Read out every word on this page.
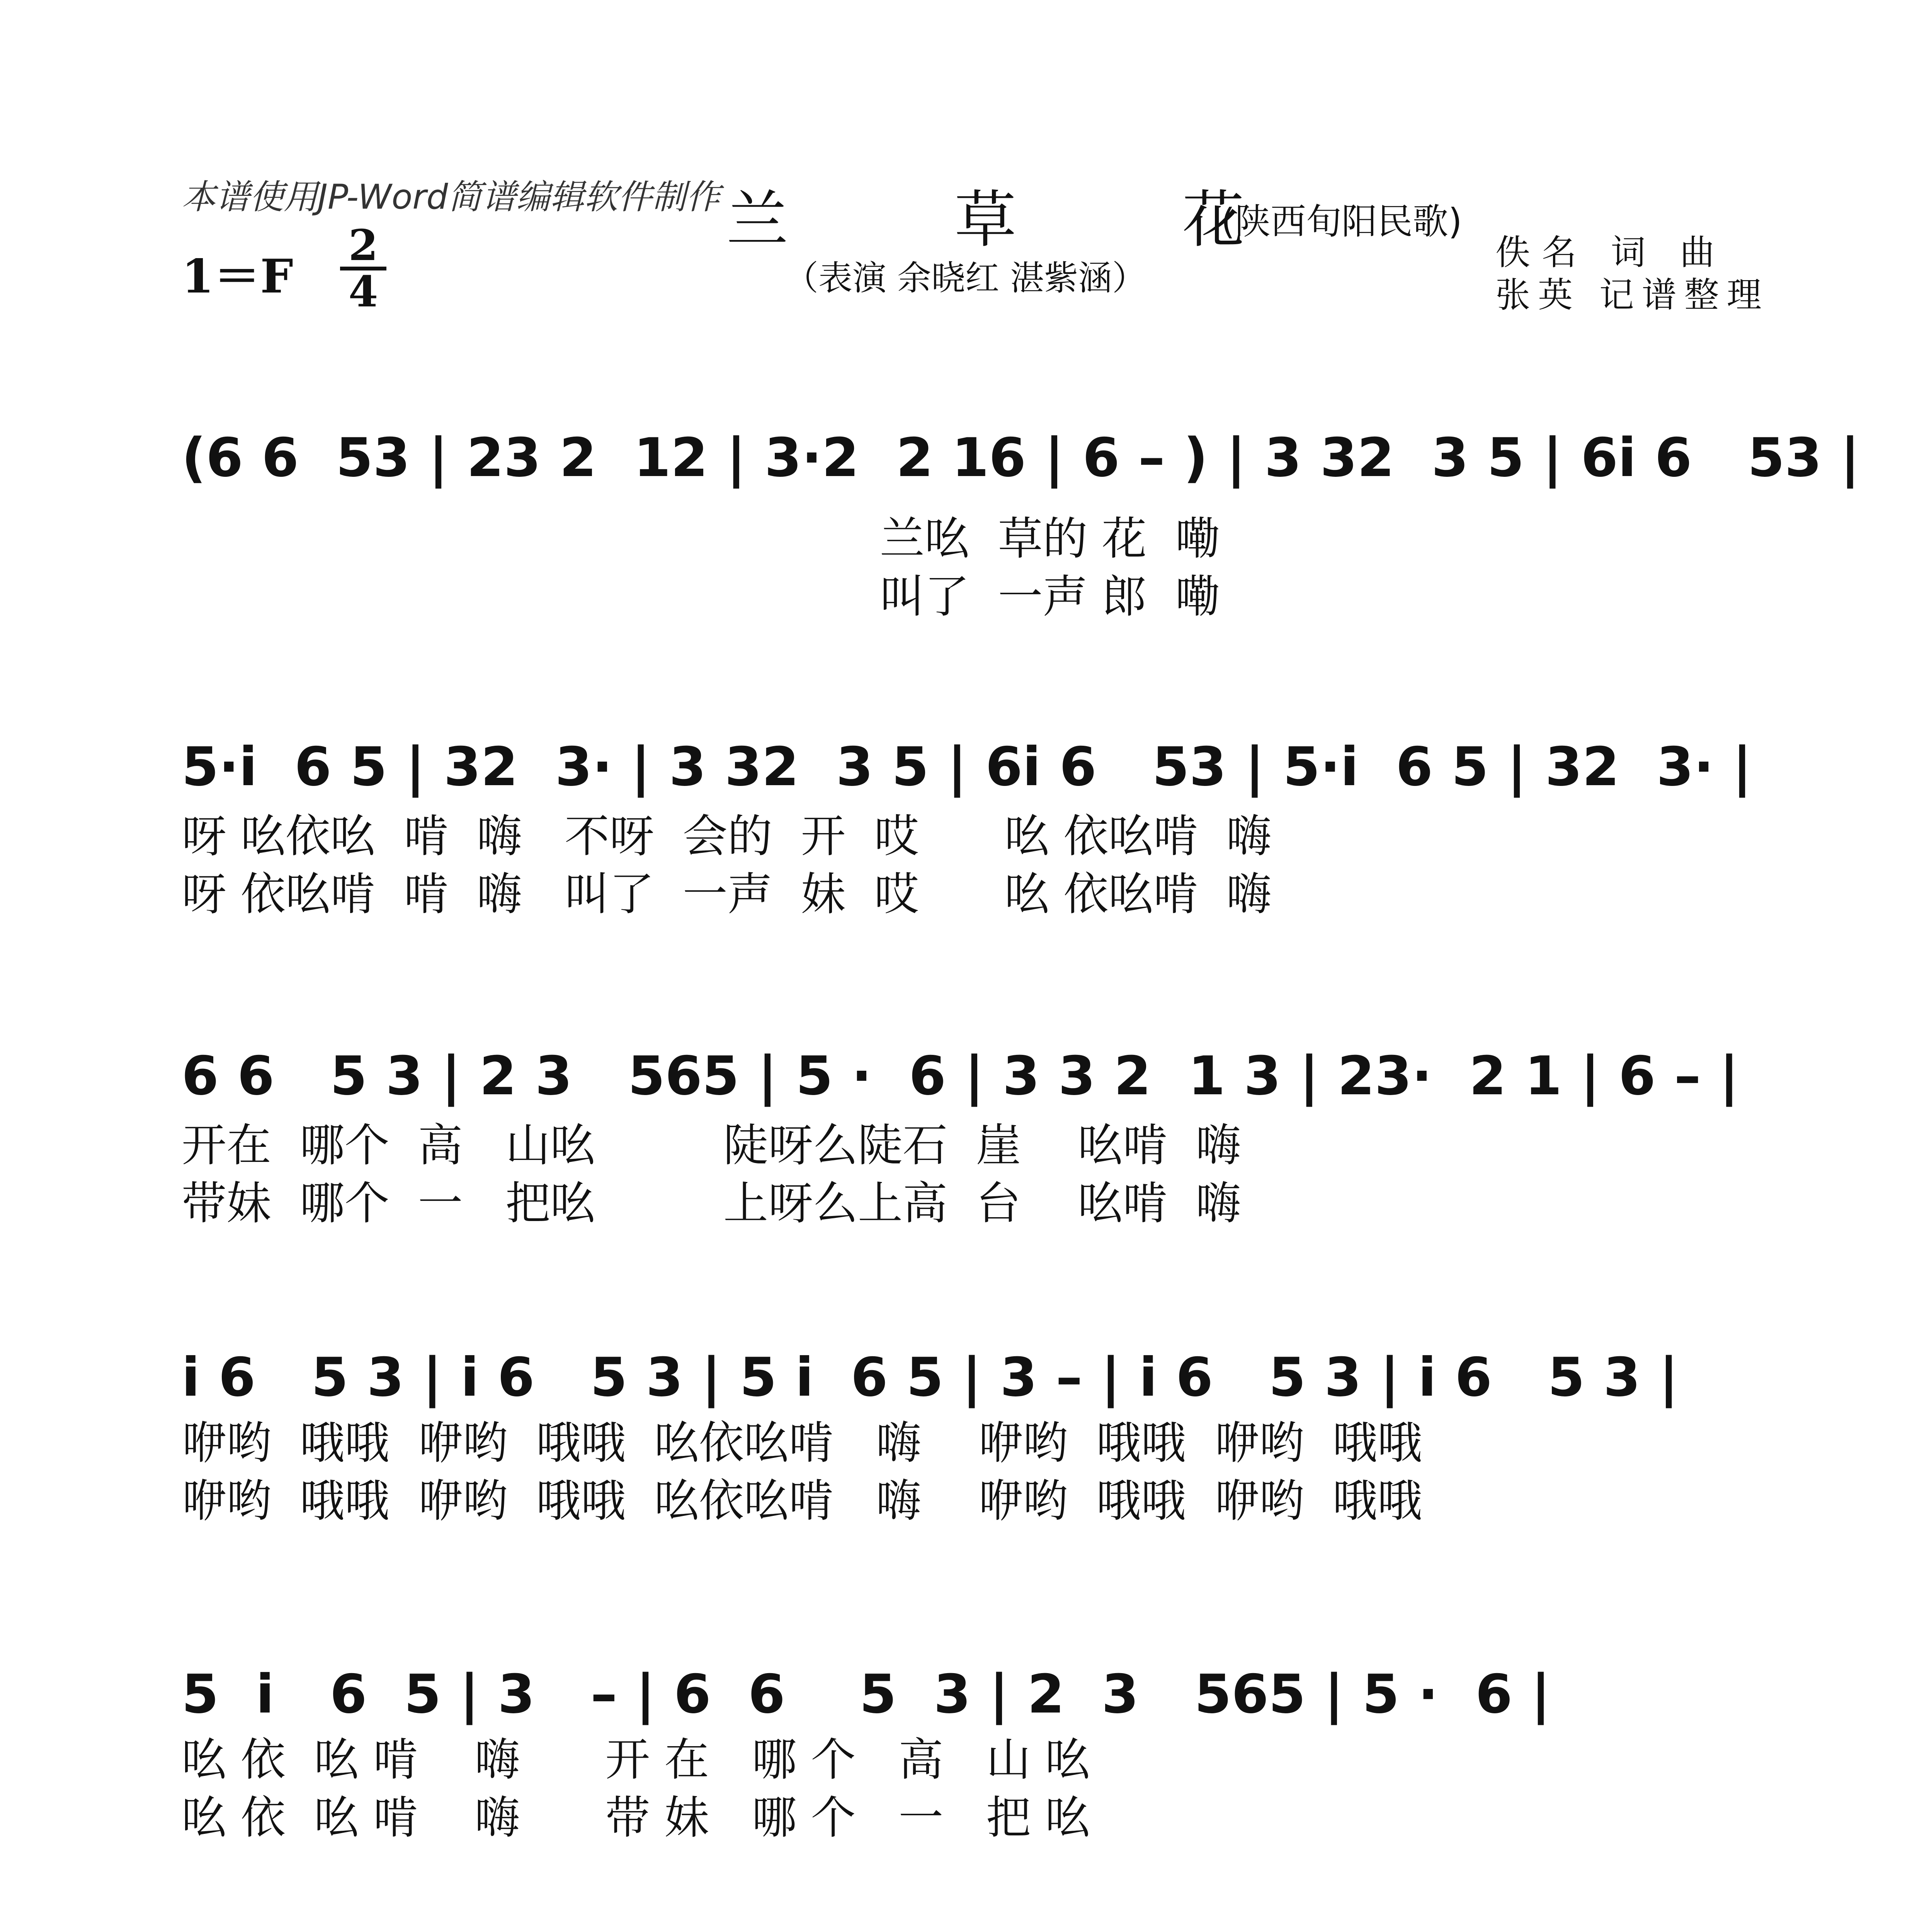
本谱使用JP-Word简谱编辑软件制作 兰	草	花
(陕西旬阳民歌)
（表演 余晓红 湛紫涵）
佚名 词 曲
张英 记谱整理
$1=F \frac{2}{4}$
(6 6  53 | 23 2  12 | 3·2  2 16 | 6 – ) | 3 32  3 5 | 6i 6   53 |
兰吆  草的 花  嘞
叫了  一声 郎  嘞
5·i  6 5 | 32  3· | 3 32  3 5 | 6i 6   53 | 5·i  6 5 | 32  3· |
呀 吆依吆  啃  嗨   不呀  会的  开  哎      吆 依吆啃  嗨
呀 依吆啃  啃  嗨   叫了  一声  妹  哎      吆 依吆啃  嗨
6 6   5 3 | 2 3   565 | 5 ·  6 | 3 3 2  1 3 | 23·  2 1 | 6 – |
开在  哪个  高   山吆         陡呀么陡石  崖    吆啃  嗨
带妹  哪个  一   把吆         上呀么上高  台    吆啃  嗨
i 6   5 3 | i 6   5 3 | 5 i  6 5 | 3 – | i 6   5 3 | i 6   5 3 |
咿哟  哦哦  咿哟  哦哦  吆依吆啃   嗨    咿哟  哦哦  咿哟  哦哦
咿哟  哦哦  咿哟  哦哦  吆依吆啃   嗨    咿哟  哦哦  咿哟  哦哦
5  i   6  5 | 3   – | 6  6    5  3 | 2  3   565 | 5 ·  6 |
吆 依  吆 啃    嗨      开 在   哪 个   高   山 吆
吆 依  吆 啃    嗨      带 妹   哪 个   一   把 吆
